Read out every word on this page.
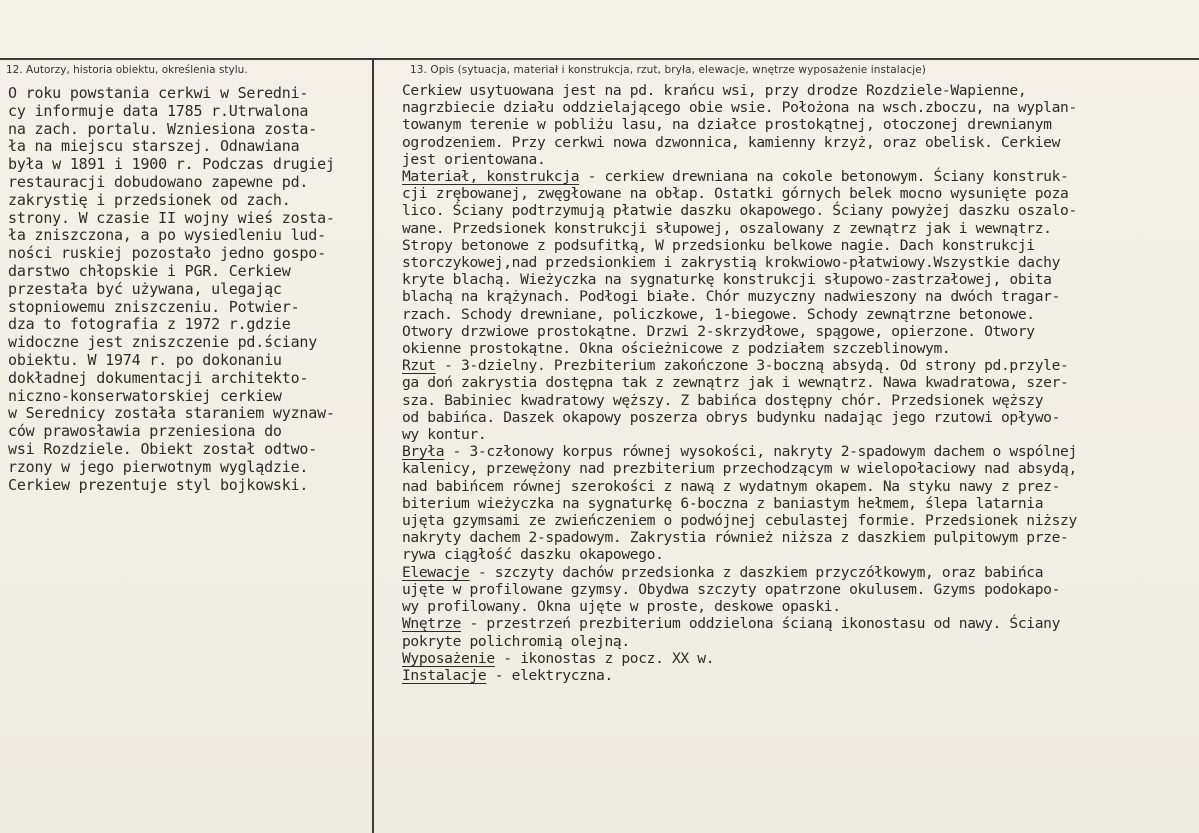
12. Autorzy, historia obiektu, określenia stylu.	13. Opis (sytuacja, materiał i konstrukcja, rzut, bryła, elewacje, wnętrze wyposażenie instalacje)
O roku powstania cerkwi w Seredni-
cy informuje data 1785 r.Utrwalona
na zach. portalu. Wzniesiona zosta-
ła na miejscu starszej. Odnawiana
była w 1891 i 1900 r. Podczas drugiej
restauracji dobudowano zapewne pd.
zakrystię i przedsionek od zach.
strony. W czasie II wojny wieś zosta-
ła zniszczona, a po wysiedleniu lud-
ności ruskiej pozostało jedno gospo-
darstwo chłopskie i PGR. Cerkiew
przestała być używana, ulegając
stopniowemu zniszczeniu. Potwier-
dza to fotografia z 1972 r.gdzie
widoczne jest zniszczenie pd.ściany
obiektu. W 1974 r. po dokonaniu
dokładnej dokumentacji architekto-
niczno-konserwatorskiej cerkiew
w Serednicy została staraniem wyznaw-
ców prawosławia przeniesiona do
wsi Rozdziele. Obiekt został odtwo-
rzony w jego pierwotnym wyglądzie.
Cerkiew prezentuje styl bojkowski.
Cerkiew usytuowana jest na pd. krańcu wsi, przy drodze Rozdziele-Wapienne,
nagrzbiecie działu oddzielającego obie wsie. Położona na wsch.zboczu, na wyplan-
towanym terenie w pobliżu lasu, na działce prostokątnej, otoczonej drewnianym
ogrodzeniem. Przy cerkwi nowa dzwonnica, kamienny krzyż, oraz obelisk. Cerkiew
jest orientowana.
Materiał, konstrukcja - cerkiew drewniana na cokole betonowym. Ściany konstruk-
cji zrębowanej, zwęgłowane na obłap. Ostatki górnych belek mocno wysunięte poza
lico. Ściany podtrzymują płatwie daszku okapowego. Ściany powyżej daszku oszalo-
wane. Przedsionek konstrukcji słupowej, oszalowany z zewnątrz jak i wewnątrz.
Stropy betonowe z podsufitką, W przedsionku belkowe nagie. Dach konstrukcji
storczykowej,nad przedsionkiem i zakrystią krokwiowo-płatwiowy.Wszystkie dachy
kryte blachą. Wieżyczka na sygnaturkę konstrukcji słupowo-zastrzałowej, obita
blachą na krążynach. Podłogi białe. Chór muzyczny nadwieszony na dwóch tragar-
rzach. Schody drewniane, policzkowe, 1-biegowe. Schody zewnątrzne betonowe.
Otwory drzwiowe prostokątne. Drzwi 2-skrzydłowe, spągowe, opierzone. Otwory
okienne prostokątne. Okna ościeżnicowe z podziałem szczeblinowym.
Rzut - 3-dzielny. Prezbiterium zakończone 3-boczną absydą. Od strony pd.przyle-
ga doń zakrystia dostępna tak z zewnątrz jak i wewnątrz. Nawa kwadratowa, szer-
sza. Babiniec kwadratowy węższy. Z babińca dostępny chór. Przedsionek węższy
od babińca. Daszek okapowy poszerza obrys budynku nadając jego rzutowi opływo-
wy kontur.
Bryła - 3-członowy korpus równej wysokości, nakryty 2-spadowym dachem o wspólnej
kalenicy, przewężony nad prezbiterium przechodzącym w wielopołaciowy nad absydą,
nad babińcem równej szerokości z nawą z wydatnym okapem. Na styku nawy z prez-
biterium wieżyczka na sygnaturkę 6-boczna z baniastym hełmem, ślepa latarnia
ujęta gzymsami ze zwieńczeniem o podwójnej cebulastej formie. Przedsionek niższy
nakryty dachem 2-spadowym. Zakrystia również niższa z daszkiem pulpitowym prze-
rywa ciągłość daszku okapowego.
Elewacje - szczyty dachów przedsionka z daszkiem przyczółkowym, oraz babińca
ujęte w profilowane gzymsy. Obydwa szczyty opatrzone okulusem. Gzyms podokapo-
wy profilowany. Okna ujęte w proste, deskowe opaski.
Wnętrze - przestrzeń prezbiterium oddzielona ścianą ikonostasu od nawy. Ściany
pokryte polichromią olejną.
Wyposażenie - ikonostas z pocz. XX w.
Instalacje - elektryczna.
